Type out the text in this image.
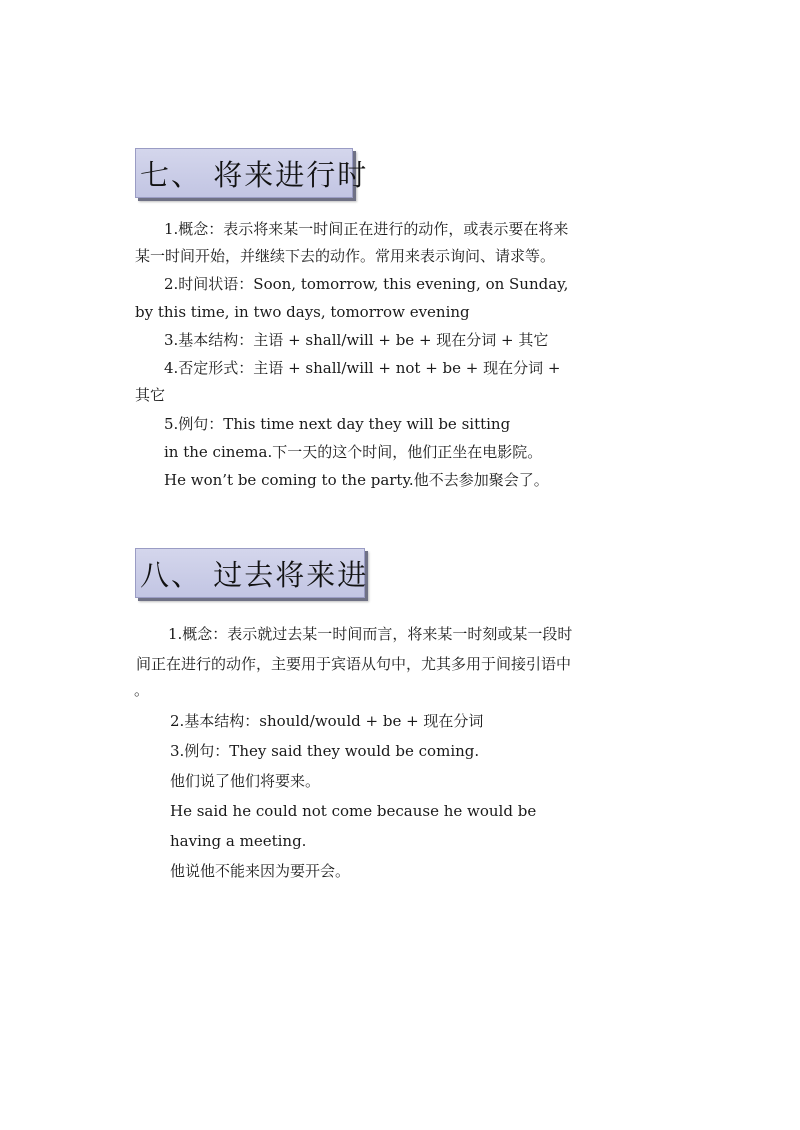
七、 将来进行时
1.概念：表示将来某一时间正在进行的动作，或表示要在将来
某一时间开始，并继续下去的动作。常用来表示询问、请求等。
2.时间状语：Soon, tomorrow, this evening, on Sunday,
by this time, in two days, tomorrow evening
3.基本结构：主语 + shall/will + be + 现在分词 + 其它
4.否定形式：主语 + shall/will + not + be + 现在分词 +
其它
5.例句：This time next day they will be sitting
in the cinema.下一天的这个时间，他们正坐在电影院。
He won’t be coming to the party.他不去参加聚会了。
八、 过去将来进
1.概念：表示就过去某一时间而言，将来某一时刻或某一段时
间正在进行的动作，主要用于宾语从句中，尤其多用于间接引语中
。
2.基本结构：should/would + be + 现在分词
3.例句：They said they would be coming.
他们说了他们将要来。
He said he could not come because he would be
having a meeting.
他说他不能来因为要开会。
